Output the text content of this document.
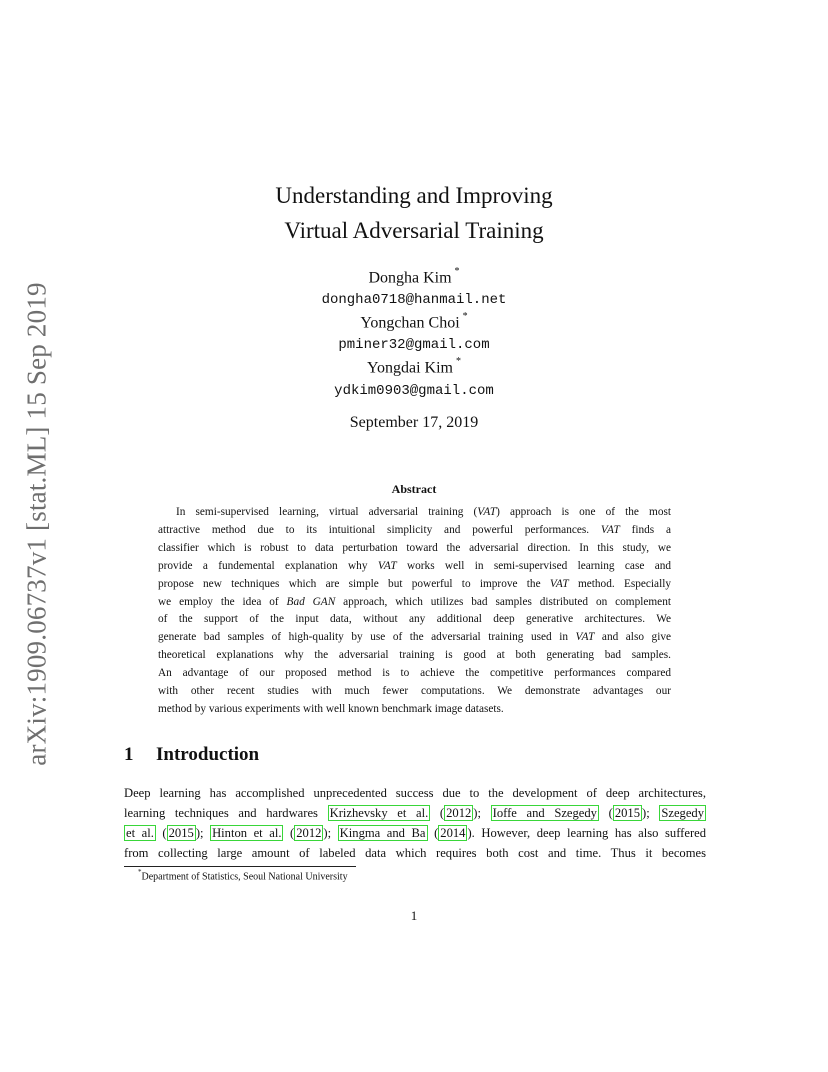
arXiv:1909.06737v1 [stat.ML] 15 Sep 2019
Understanding and Improving
Virtual Adversarial Training
Dongha Kim *
dongha0718@hanmail.net
Yongchan Choi *
pminer32@gmail.com
Yongdai Kim *
ydkim0903@gmail.com
September 17, 2019
Abstract
In semi-supervised learning, virtual adversarial training (VAT) approach is one of the most
attractive method due to its intuitional simplicity and powerful performances. VAT finds a
classifier which is robust to data perturbation toward the adversarial direction. In this study, we
provide a fundemental explanation why VAT works well in semi-supervised learning case and
propose new techniques which are simple but powerful to improve the VAT method. Especially
we employ the idea of Bad GAN approach, which utilizes bad samples distributed on complement
of the support of the input data, without any additional deep generative architectures. We
generate bad samples of high-quality by use of the adversarial training used in VAT and also give
theoretical explanations why the adversarial training is good at both generating bad samples.
An advantage of our proposed method is to achieve the competitive performances compared
with other recent studies with much fewer computations. We demonstrate advantages our
method by various experiments with well known benchmark image datasets.
1 Introduction
Deep learning has accomplished unprecedented success due to the development of deep architectures,
learning techniques and hardwares Krizhevsky et al. ( 2012 ); Ioffe and Szegedy ( 2015 ); Szegedy
et al. ( 2015 ); Hinton et al. ( 2012 ); Kingma and Ba ( 2014 ). However, deep learning has also suffered
from collecting large amount of labeled data which requires both cost and time. Thus it becomes
*Department of Statistics, Seoul National University
1
